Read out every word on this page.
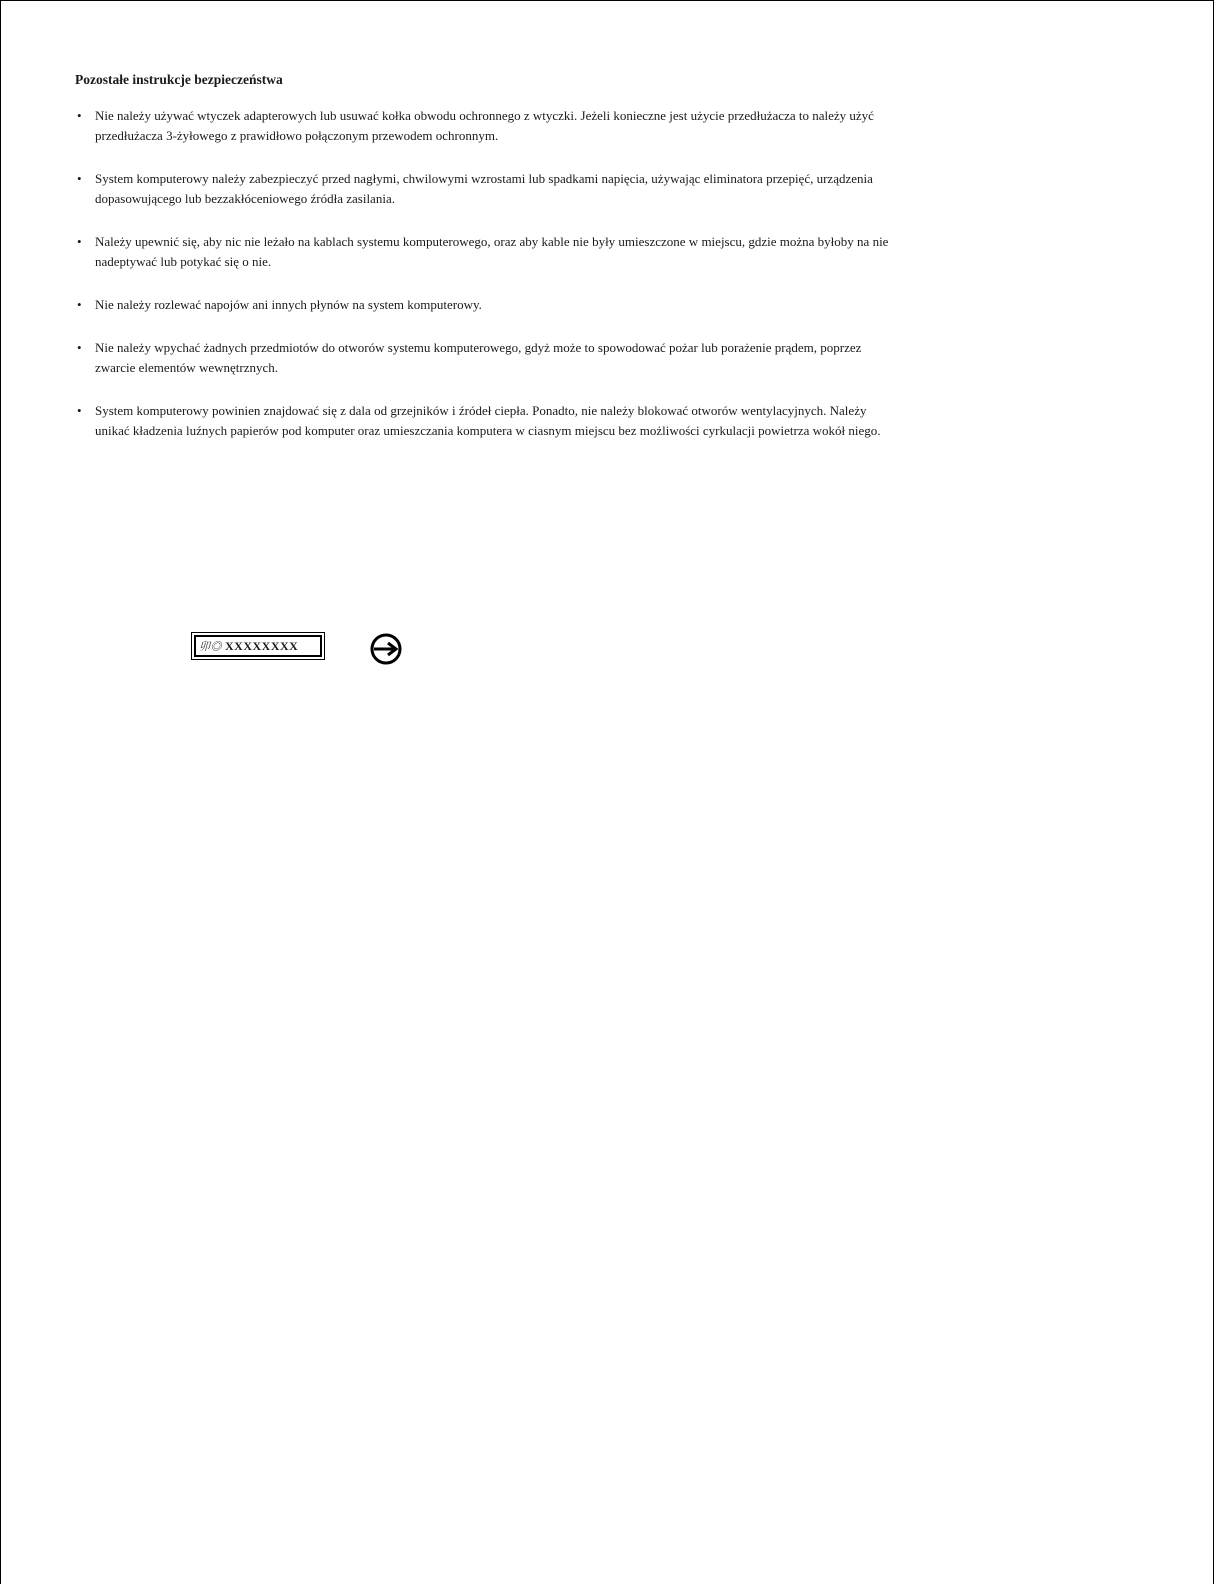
Pozostałe instrukcje bezpieczeństwa
• Nie należy używać wtyczek adapterowych lub usuwać kołka obwodu ochronnego z wtyczki. Jeżeli konieczne jest użycie przedłużacza to należy użyć przedłużacza 3-żyłowego z prawidłowo połączonym przewodem ochronnym.
• System komputerowy należy zabezpieczyć przed nagłymi, chwilowymi wzrostami lub spadkami napięcia, używając eliminatora przepięć, urządzenia dopasowującego lub bezzakłóceniowego źródła zasilania.
• Należy upewnić się, aby nic nie leżało na kablach systemu komputerowego, oraz aby kable nie były umieszczone w miejscu, gdzie można byłoby na nie nadeptywać lub potykać się o nie.
• Nie należy rozlewać napojów ani innych płynów na system komputerowy.
• Nie należy wpychać żadnych przedmiotów do otworów systemu komputerowego, gdyż może to spowodować pożar lub porażenie prądem, poprzez zwarcie elementów wewnętrznych.
• System komputerowy powinien znajdować się z dala od grzejników i źródeł ciepła. Ponadto, nie należy blokować otworów wentylacyjnych. Należy unikać kładzenia luźnych papierów pod komputer oraz umieszczania komputera w ciasnym miejscu bez możliwości cyrkulacji powietrza wokół niego.
卯◎ XXXXXXXX
